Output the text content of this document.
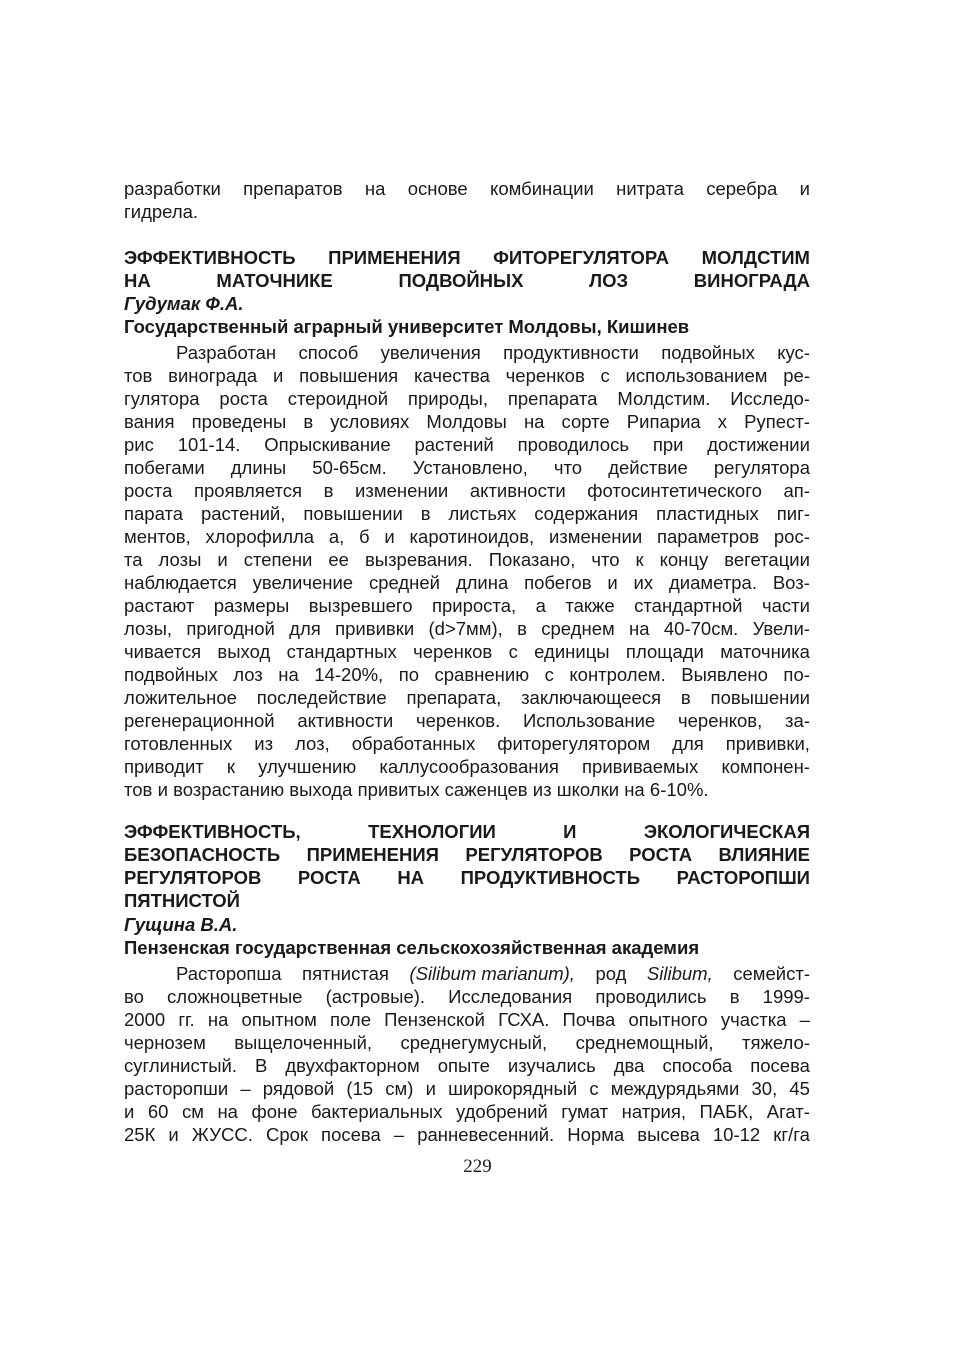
разработки препаратов на основе комбинации нитрата серебра и
гидрела.
ЭФФЕКТИВНОСТЬ ПРИМЕНЕНИЯ ФИТОРЕГУЛЯТОРА МОЛДСТИМ
НА	МАТОЧНИКЕ	ПОДВОЙНЫХ	ЛОЗ	ВИНОГРАДА
Гудумак Ф.А.
Государственный аграрный университет Молдовы, Кишинев
Разработан способ увеличения продуктивности подвойных кус-
тов винограда и повышения качества черенков с использованием ре-
гулятора роста стероидной природы, препарата Молдстим. Исследо-
вания проведены в условиях Молдовы на сорте Рипариа х Рупест-
рис 101-14. Опрыскивание растений проводилось при достижении
побегами длины 50-65см. Установлено, что действие регулятора
роста проявляется в изменении активности фотосинтетического ап-
парата растений, повышении в листьях содержания пластидных пиг-
ментов, хлорофилла а, б и каротиноидов, изменении параметров рос-
та лозы и степени ее вызревания. Показано, что к концу вегетации
наблюдается увеличение средней длина побегов и их диаметра. Воз-
растают размеры вызревшего прироста, а также стандартной части
лозы, пригодной для прививки (d>7мм), в среднем на 40-70см. Увели-
чивается выход стандартных черенков с единицы площади маточника
подвойных лоз на 14-20%, по сравнению с контролем. Выявлено по-
ложительное последействие препарата, заключающееся в повышении
регенерационной активности черенков. Использование черенков, за-
готовленных из лоз, обработанных фиторегулятором для прививки,
приводит к улучшению каллусообразования прививаемых компонен-
тов и возрастанию выхода привитых саженцев из школки на 6-10%.
ЭФФЕКТИВНОСТЬ,	ТЕХНОЛОГИИ	И	ЭКОЛОГИЧЕСКАЯ
БЕЗОПАСНОСТЬ ПРИМЕНЕНИЯ РЕГУЛЯТОРОВ РОСТА ВЛИЯНИЕ
РЕГУЛЯТОРОВ РОСТА НА ПРОДУКТИВНОСТЬ РАСТОРОПШИ
ПЯТНИСТОЙ
Гущина В.А.
Пензенская государственная сельскохозяйственная академия
Расторопша пятнистая (Silibum marianum), род Silibum, семейст-
во сложноцветные (астровые). Исследования проводились в 1999-
2000 гг. на опытном поле Пензенской ГСХА. Почва опытного участка –
чернозем выщелоченный, среднегумусный, среднемощный, тяжело-
суглинистый. В двухфакторном опыте изучались два способа посева
расторопши – рядовой (15 см) и широкорядный с междурядьями 30, 45
и 60 см на фоне бактериальных удобрений гумат натрия, ПАБК, Агат-
25К и ЖУСС. Срок посева – ранневесенний. Норма высева 10-12 кг/га
229
